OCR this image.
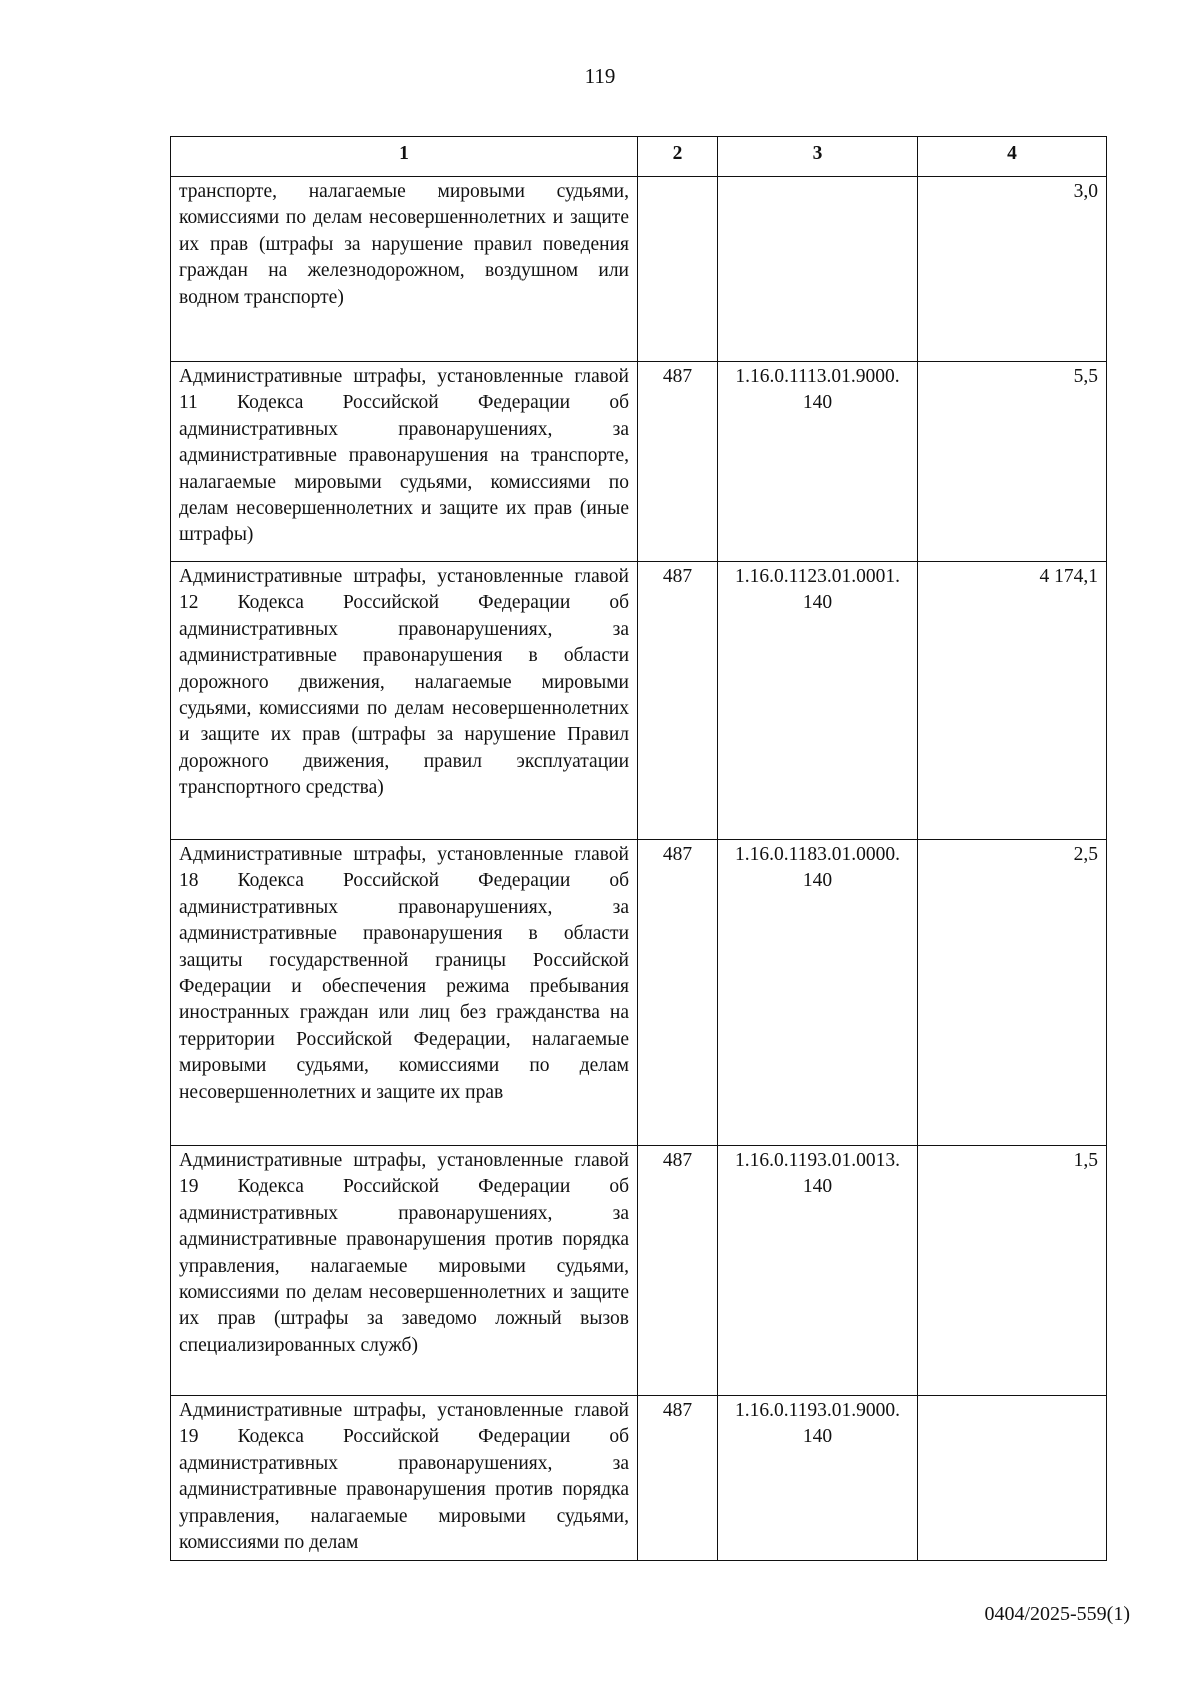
119
1	2	3	4
транспорте, налагаемые мировыми судьями, комиссиями по делам несовершеннолетних и защите их прав (штрафы за нарушение правил поведения граждан на железнодорожном, воздушном или водном транспорте)			3,0
Административные штрафы, установленные главой 11 Кодекса Российской Федерации об административных правонарушениях, за административные правонарушения на транспорте, налагаемые мировыми судьями, комиссиями по делам несовершеннолетних и защите их прав (иные штрафы)	487	1.16.0.1113.01.9000. 140	5,5
Административные штрафы, установленные главой 12 Кодекса Российской Федерации об административных правонарушениях, за административные правонарушения в области дорожного движения, налагаемые мировыми судьями, комиссиями по делам несовершеннолетних и защите их прав (штрафы за нарушение Правил дорожного движения, правил эксплуатации транспортного средства)	487	1.16.0.1123.01.0001. 140	4 174,1
Административные штрафы, установленные главой 18 Кодекса Российской Федерации об административных правонарушениях, за административные правонарушения в области защиты государственной границы Российской Федерации и обеспечения режима пребывания иностранных граждан или лиц без гражданства на территории Российской Федерации, налагаемые мировыми судьями, комиссиями по делам несовершеннолетних и защите их прав	487	1.16.0.1183.01.0000. 140	2,5
Административные штрафы, установленные главой 19 Кодекса Российской Федерации об административных правонарушениях, за административные правонарушения против порядка управления, налагаемые мировыми судьями, комиссиями по делам несовершеннолетних и защите их прав (штрафы за заведомо ложный вызов специализированных служб)	487	1.16.0.1193.01.0013. 140	1,5
Административные штрафы, установленные главой 19 Кодекса Российской Федерации об административных правонарушениях, за административные правонарушения против порядка управления, налагаемые мировыми судьями, комиссиями по делам	487	1.16.0.1193.01.9000. 140	
0404/2025-559(1)
